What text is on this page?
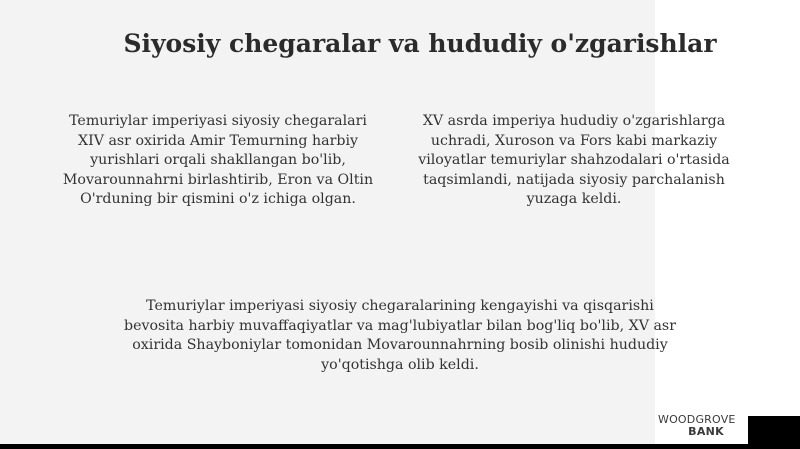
Siyosiy chegaralar va hududiy o'zgarishlar

Temuriylar imperiyasi siyosiy chegaralari XIV asr oxirida Amir Temurning harbiy yurishlari orqali shakllangan bo'lib, Movarounnahrni birlashtirib, Eron va Oltin O'rduning bir qismini o'z ichiga olgan.

XV asrda imperiya hududiy o'zgarishlarga uchradi, Xuroson va Fors kabi markaziy viloyatlar temuriylar shahzodalari o'rtasida taqsimlandi, natijada siyosiy parchalanish yuzaga keldi.

Temuriylar imperiyasi siyosiy chegaralarining kengayishi va qisqarishi bevosita harbiy muvaffaqiyatlar va mag'lubiyatlar bilan bog'liq bo'lib, XV asr oxirida Shayboniylar tomonidan Movarounnahrning bosib olinishi hududiy yo'qotishga olib keldi.

WOODGROVE
BANK
